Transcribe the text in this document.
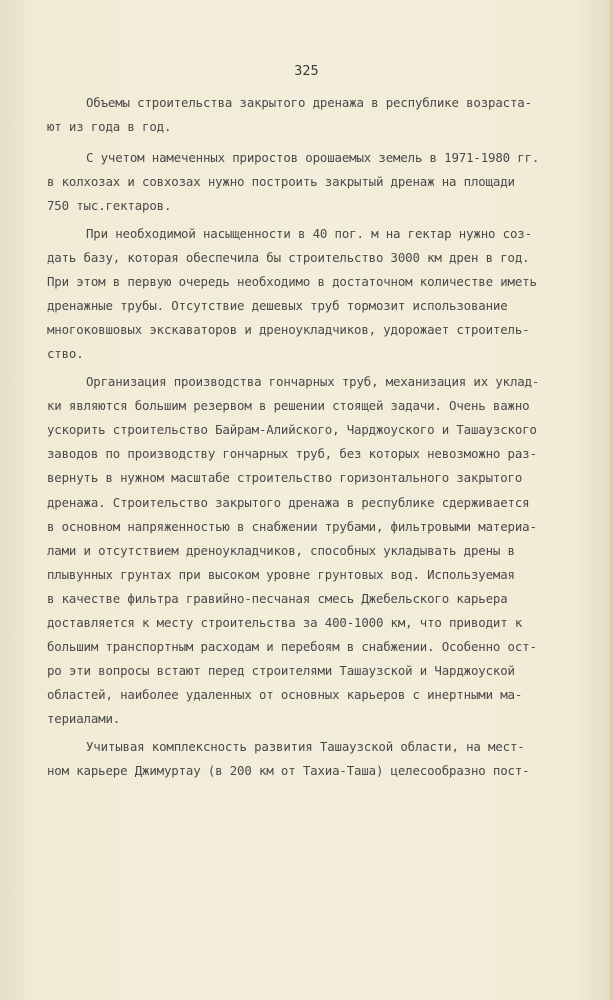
325
Объемы строительства закрытого дренажа в республике возраста-
ют из года в год.
С учетом намеченных приростов орошаемых земель в 1971-1980 гг.
в колхозах и совхозах нужно построить закрытый дренаж на площади
750 тыс.гектаров.
При необходимой насыщенности в 40 пог. м на гектар нужно соз-
дать базу, которая обеспечила бы строительство 3000 км дрен в год.
При этом в первую очередь необходимо в достаточном количестве иметь
дренажные трубы. Отсутствие дешевых труб тормозит использование
многоковшовых экскаваторов и дреноукладчиков, удорожает строитель-
ство.
Организация производства гончарных труб, механизация их уклад-
ки являются большим резервом в решении стоящей задачи. Очень важно
ускорить строительство Байрам-Алийского, Чарджоуского и Ташаузского
заводов по производству гончарных труб, без которых невозможно раз-
вернуть в нужном масштабе строительство горизонтального закрытого
дренажа. Строительство закрытого дренажа в республике сдерживается
в основном напряженностью в снабжении трубами, фильтровыми материа-
лами и отсутствием дреноукладчиков, способных укладывать дрены в
плывунных грунтах при высоком уровне грунтовых вод. Используемая
в качестве фильтра гравийно-песчаная смесь Джебельского карьера
доставляется к месту строительства за 400-1000 км, что приводит к
большим транспортным расходам и перебоям в снабжении. Особенно ост-
ро эти вопросы встают перед строителями Ташаузской и Чарджоуской
областей, наиболее удаленных от основных карьеров с инертными ма-
териалами.
Учитывая комплексность развития Ташаузской области, на мест-
ном карьере Джимуртау (в 200 км от Тахиа-Таша) целесообразно пост-
